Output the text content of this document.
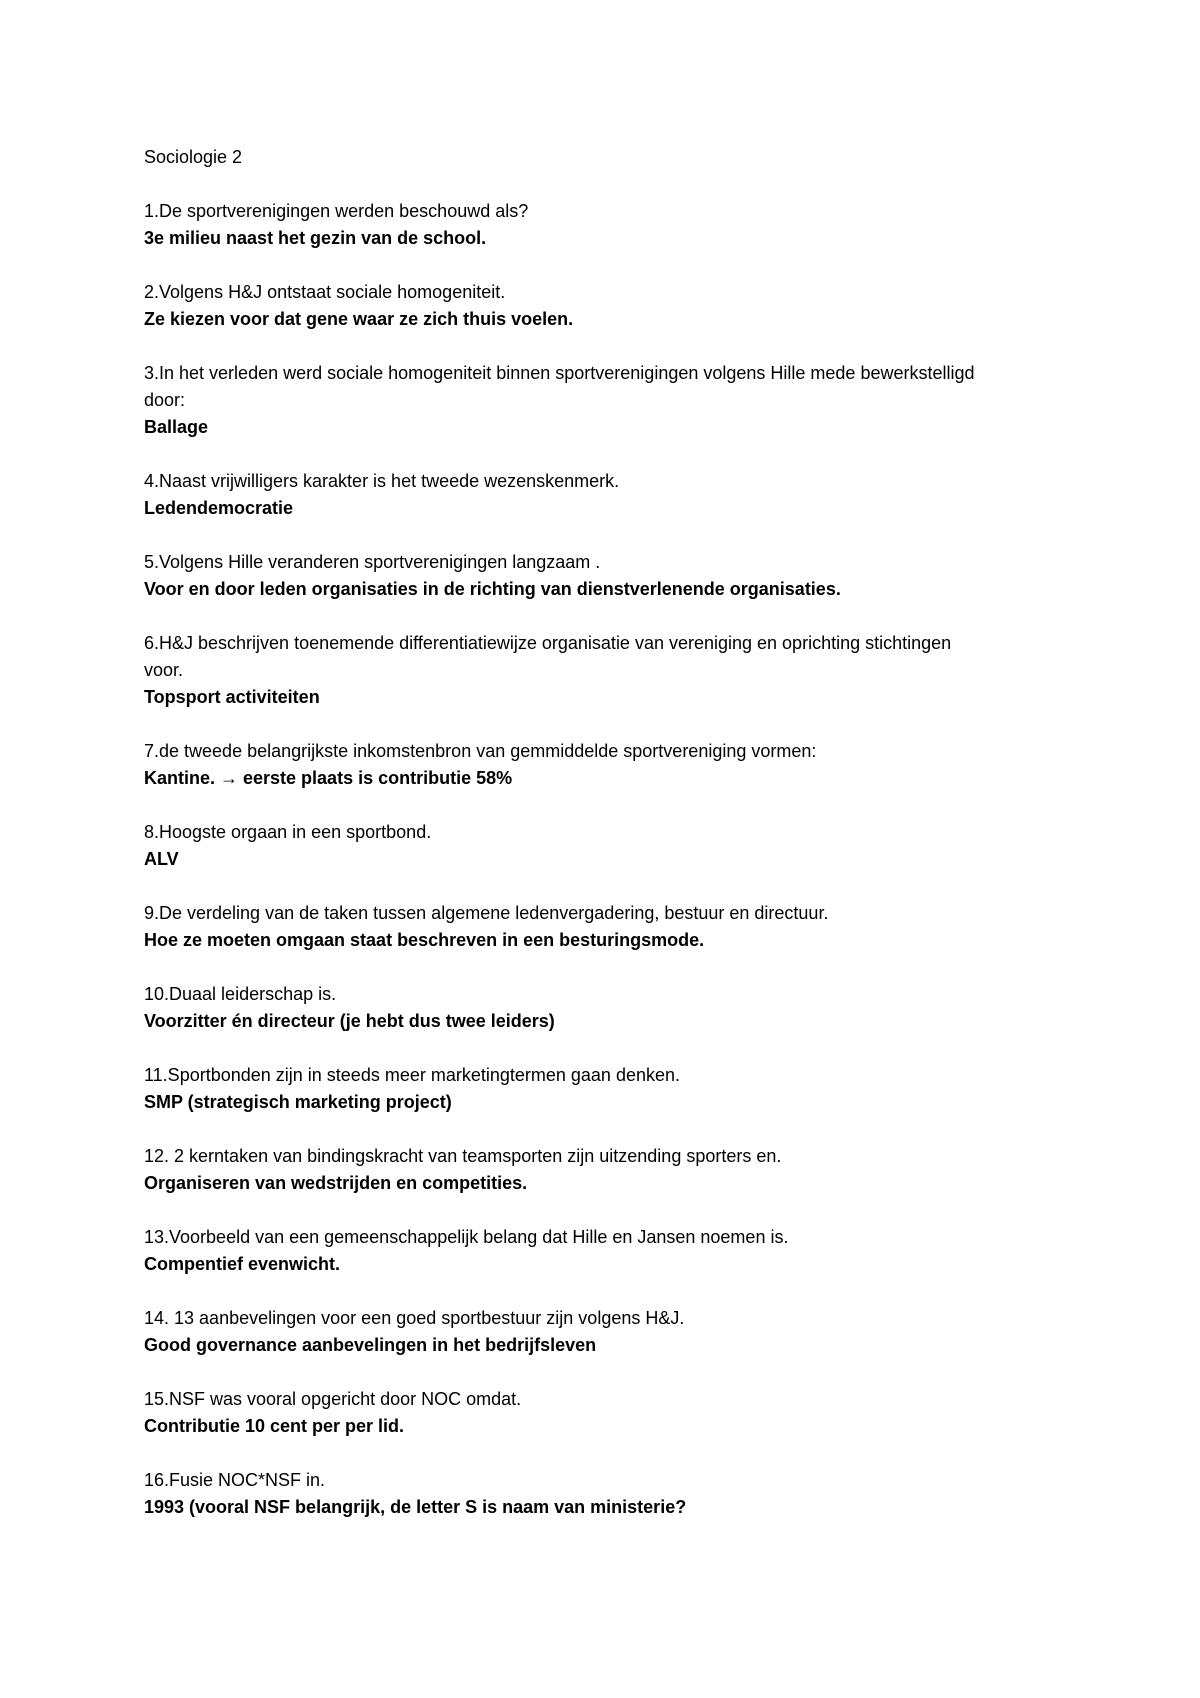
Sociologie 2
1.De sportverenigingen werden beschouwd als?
3e milieu naast het gezin van de school.
2.Volgens H&J ontstaat sociale homogeniteit.
Ze kiezen voor dat gene waar ze zich thuis voelen.
3.In het verleden werd sociale homogeniteit binnen sportverenigingen volgens Hille mede bewerkstelligd door:
Ballage
4.Naast vrijwilligers karakter is het tweede wezenskenmerk.
Ledendemocratie
5.Volgens Hille veranderen sportverenigingen langzaam .
Voor en door leden organisaties in de richting van dienstverlenende organisaties.
6.H&J beschrijven toenemende differentiatiewijze organisatie van vereniging en oprichting stichtingen voor.
Topsport activiteiten
7.de tweede belangrijkste inkomstenbron van gemmiddelde sportvereniging vormen:
Kantine. → eerste plaats is contributie 58%
8.Hoogste orgaan in een sportbond.
ALV
9.De verdeling van de taken tussen algemene ledenvergadering, bestuur en directuur.
Hoe ze moeten omgaan staat beschreven in een besturingsmode.
10.Duaal leiderschap is.
Voorzitter én directeur (je hebt dus twee leiders)
11.Sportbonden zijn in steeds meer marketingtermen gaan denken.
SMP (strategisch marketing project)
12. 2 kerntaken van bindingskracht van teamsporten zijn uitzending sporters en.
Organiseren van wedstrijden en competities.
13.Voorbeeld van een gemeenschappelijk belang dat Hille en Jansen noemen is.
Compentief evenwicht.
14. 13 aanbevelingen voor een goed sportbestuur zijn volgens H&J.
Good governance aanbevelingen in het bedrijfsleven
15.NSF was vooral opgericht door NOC omdat.
Contributie 10 cent per per lid.
16.Fusie NOC*NSF in.
1993 (vooral NSF belangrijk, de letter S is naam van ministerie?
